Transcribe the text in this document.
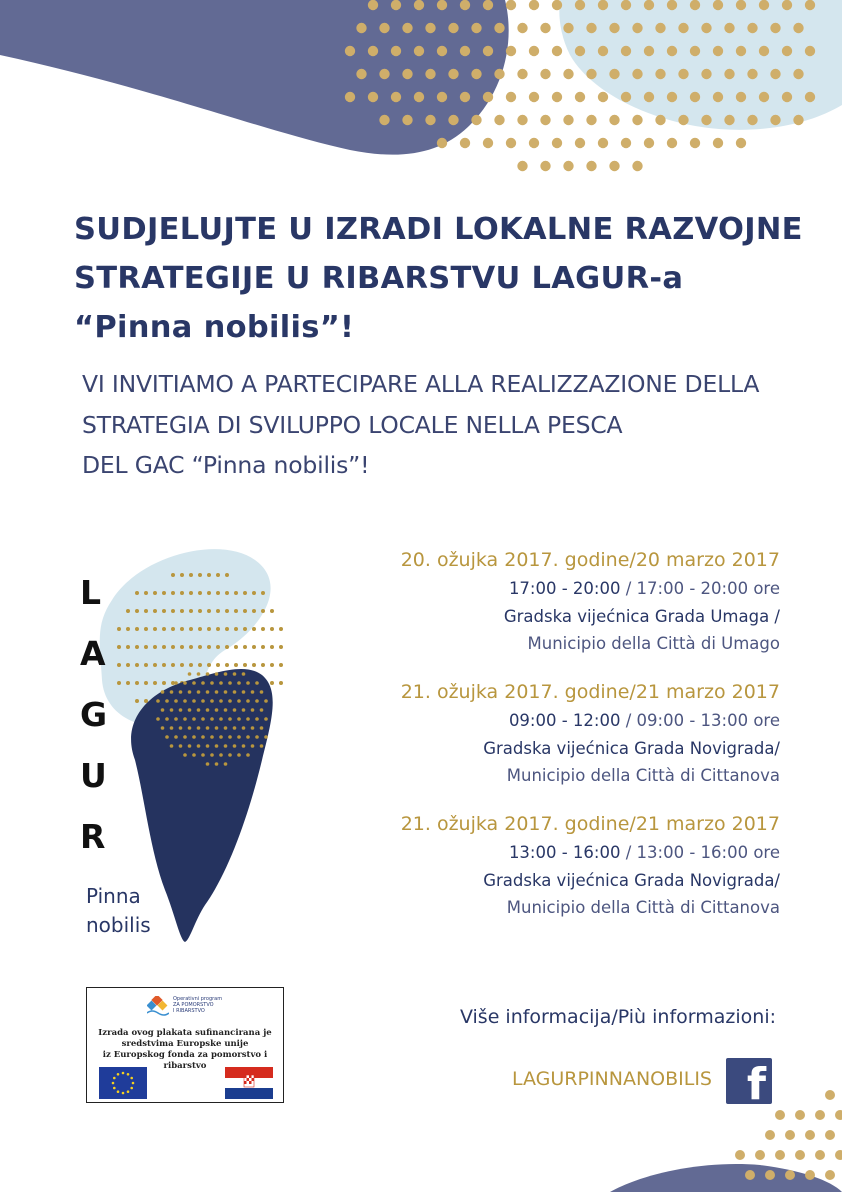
SUDJELUJTE U IZRADI LOKALNE RAZVOJNE
STRATEGIJE U RIBARSTVU LAGUR-a
“Pinna nobilis”!
VI INVITIAMO A PARTECIPARE ALLA REALIZZAZIONE DELLA
STRATEGIA DI SVILUPPO LOCALE NELLA PESCA
DEL GAC “Pinna nobilis”!
L
A
G
U
R
Pinna
nobilis
20. ožujka 2017. godine/20 marzo 2017
17:00 - 20:00 / 17:00 - 20:00 ore
Gradska vijećnica Grada Umaga /
Municipio della Città di Umago
21. ožujka 2017. godine/21 marzo 2017
09:00 - 12:00 / 09:00 - 13:00 ore
Gradska vijećnica Grada Novigrada/
Municipio della Città di Cittanova
21. ožujka 2017. godine/21 marzo 2017
13:00 - 16:00 / 13:00 - 16:00 ore
Gradska vijećnica Grada Novigrada/
Municipio della Città di Cittanova
Više informacija/Più informazioni:
LAGURPINNANOBILIS f
Operativni program
ZA POMORSTVO
I RIBARSTVO
Izrada ovog plakata sufinancirana je
sredstvima Europske unije
iz Europskog fonda za pomorstvo i ribarstvo
